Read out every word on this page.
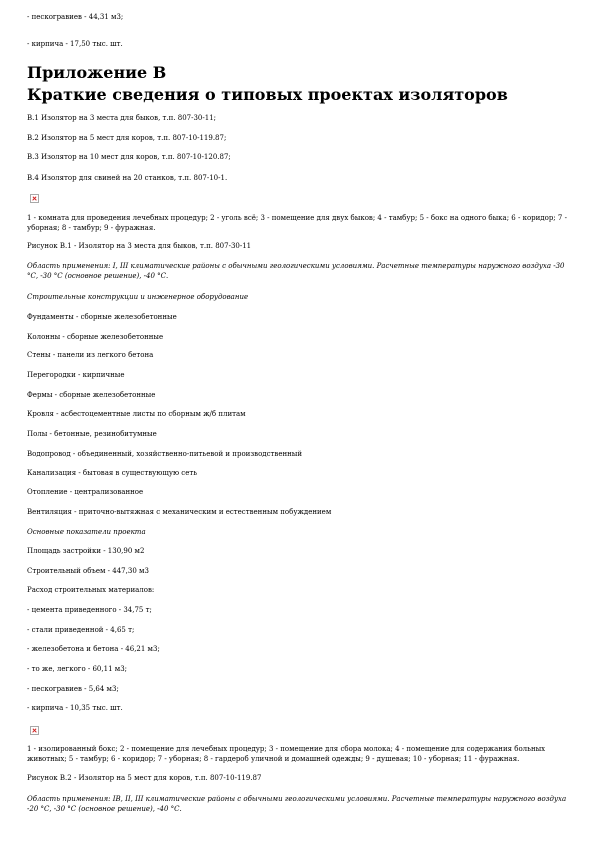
- пескогравиев - 44,31 м3;
- кирпича - 17,50 тыс. шт.
Приложение В
Краткие сведения о типовых проектах изоляторов
В.1 Изолятор на 3 места для быков, т.п. 807-30-11;
В.2 Изолятор на 5 мест для коров, т.п. 807-10-119.87;
В.3 Изолятор на 10 мест для коров, т.п. 807-10-120.87;
В.4 Изолятор для свиней на 20 станков, т.п. 807-10-1.
1 - комната для проведения лечебных процедур; 2 - уголь всё; 3 - помещение для двух быков; 4 - тамбур; 5 - бокс на одного быка; 6 - коридор; 7 - уборная; 8 - тамбур; 9 - фуражная.
Рисунок В.1 - Изолятор на 3 места для быков, т.п. 807-30-11
Область применения: I, III климатические районы с обычными геологическими условиями. Расчетные температуры наружного воздуха -30 °С, -30 °С (основное решение), -40 °С.
Строительные конструкции и инженерное оборудование
Фундаменты - сборные железобетонные
Колонны - сборные железобетонные
Стены - панели из легкого бетона
Перегородки - кирпичные
Фермы - сборные железобетонные
Кровля - асбестоцементные листы по сборным ж/б плитам
Полы - бетонные, резинобитумные
Водопровод - объединенный, хозяйственно-питьевой и производственный
Канализация - бытовая в существующую сеть
Отопление - централизованное
Вентиляция - приточно-вытяжная с механическим и естественным побуждением
Основные показатели проекта
Площадь застройки - 130,90 м2
Строительный объем - 447,30 м3
Расход строительных материалов:
- цемента приведенного - 34,75 т;
- стали приведенной - 4,65 т;
- железобетона и бетона - 46,21 м3;
- то же, легкого - 60,11 м3;
- пескогравиев - 5,64 м3;
- кирпича - 10,35 тыс. шт.
1 - изолированный бокс; 2 - помещение для лечебных процедур; 3 - помещение для сбора молока; 4 - помещение для содержания больных животных; 5 - тамбур; 6 - коридор; 7 - уборная; 8 - гардероб уличной и домашней одежды; 9 - душевая; 10 - уборная; 11 - фуражная.
Рисунок В.2 - Изолятор на 5 мест для коров, т.п. 807-10-119.87
Область применения: IB, II, III климатические районы с обычными геологическими условиями. Расчетные температуры наружного воздуха -20 °С, -30 °С (основное решение), -40 °С.
